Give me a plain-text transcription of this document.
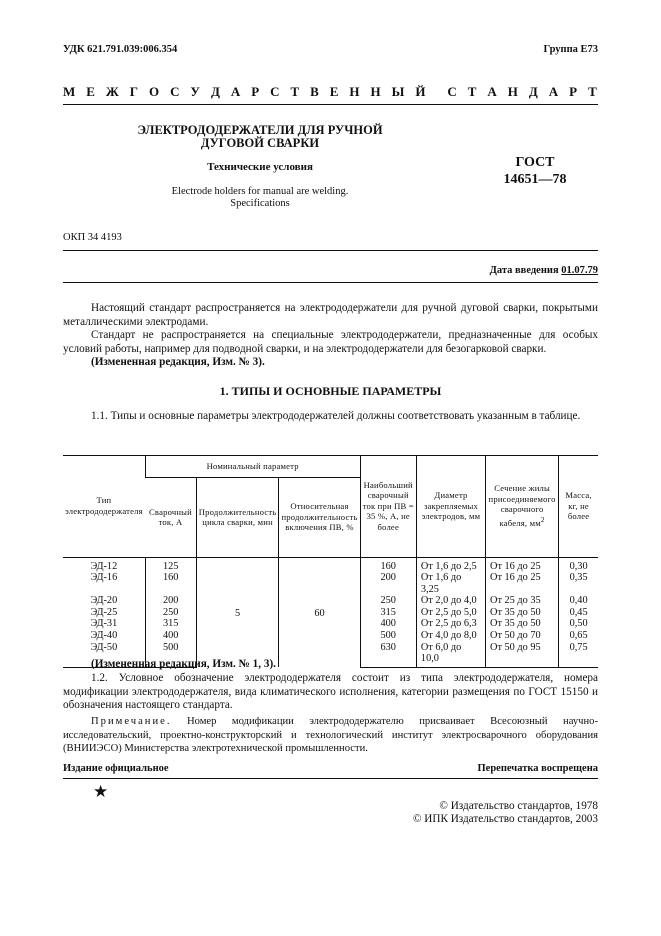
УДК 621.791.039:006.354	Группа Е73
М Е Ж Г О С У Д А Р С Т В Е Н Н Ы Й С Т А Н Д А Р Т
ЭЛЕКТРОДОДЕРЖАТЕЛИ ДЛЯ РУЧНОЙ
ДУГОВОЙ СВАРКИ
Технические условия
Electrode holders for manual are welding.
Specifications
ГОСТ
14651—78
ОКП 34 4193
Дата введения 01.07.79
Настоящий стандарт распространяется на электрододержатели для ручной дуговой сварки, покрытыми металлическими электродами.
Стандарт не распространяется на специальные электрододержатели, предназначенные для особых условий работы, например для подводной сварки, и на электрододержатели для безогарковой сварки.
(Измененная редакция, Изм. № 3).
1. ТИПЫ И ОСНОВНЫЕ ПАРАМЕТРЫ
1.1. Типы и основные параметры электрододержателей должны соответствовать указанным в таблице.
Тип электрододержателя	Номинальный параметр			Наибольший сварочный ток при ПВ = 35 %, А, не более	Диаметр закрепляемых электродов, мм	Сечение жилы присоединяемого сварочного кабеля, $мм^2$	Масса, кг, не более
	Сварочный ток, А	Продолжительность цикла сварки, мин	Относительная продолжительность включения ПВ, %				
ЭД-12	125	5	60	160	От 1,6 до 2,5	От 16 до 25	0,30
ЭД-16	160			200	От 1,6 до 3,25	От 16 до 25	0,35
ЭД-20	200			250	От 2,0 до 4,0	От 25 до 35	0,40
ЭД-25	250			315	От 2,5 до 5,0	От 35 до 50	0,45
ЭД-31	315			400	От 2,5 до 6,3	От 35 до 50	0,50
ЭД-40	400			500	От 4,0 до 8,0	От 50 до 70	0,65
ЭД-50	500			630	От 6,0 до 10,0	От 50 до 95	0,75
(Измененная редакция, Изм. № 1, 3).
1.2. Условное обозначение электрододержателя состоит из типа электрододержателя, номера модификации электрододержателя, вида климатического исполнения, категории размещения по ГОСТ 15150 и обозначения настоящего стандарта.
Примечание. Номер модификации электрододержателю присваивает Всесоюзный научно-исследовательский, проектно-конструкторский и технологический институт электросварочного оборудования (ВНИИЭСО) Министерства электротехнической промышленности.
Издание официальное	Перепечатка воспрещена
★
© Издательство стандартов, 1978
© ИПК Издательство стандартов, 2003
